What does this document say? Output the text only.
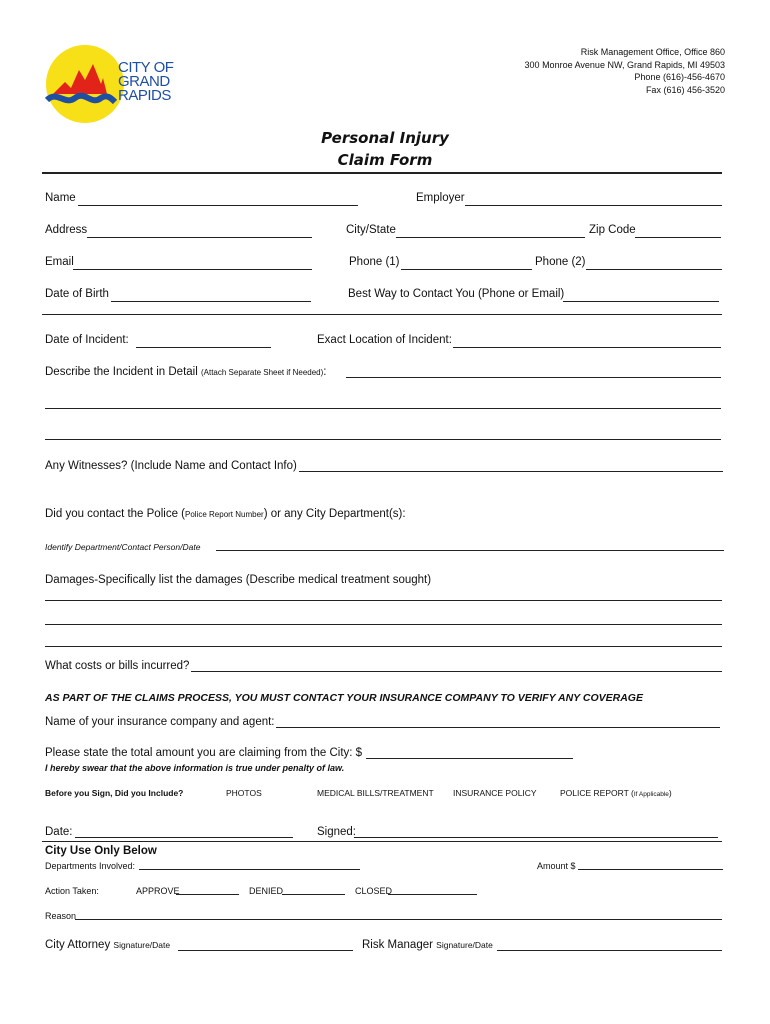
CITY OF
GRAND
RAPIDS
Risk Management Office, Office 860
300 Monroe Avenue NW, Grand Rapids, MI 49503
Phone (616)-456-4670
Fax (616) 456-3520
Personal Injury
Claim Form
Name	Employer
Address	City/State	Zip Code
Email	Phone (1)	Phone (2)
Date of Birth	Best Way to Contact You (Phone or Email)
Date of Incident:	Exact Location of Incident:
Describe the Incident in Detail (Attach Separate Sheet if Needed):
Any Witnesses? (Include Name and Contact Info)
Did you contact the Police (Police Report Number) or any City Department(s):
Identify Department/Contact Person/Date
Damages-Specifically list the damages (Describe medical treatment sought)
What costs or bills incurred?
AS PART OF THE CLAIMS PROCESS, YOU MUST CONTACT YOUR INSURANCE COMPANY TO VERIFY ANY COVERAGE
Name of your insurance company and agent:
Please state the total amount you are claiming from the City: $
I hereby swear that the above information is true under penalty of law.
Before you Sign, Did you Include?	PHOTOS	MEDICAL BILLS/TREATMENT INSURANCE POLICY	POLICE REPORT (If Applicable)
Date:	Signed:
City Use Only Below
Departments Involved:	Amount $
Action Taken:	APPROVE	DENIED	CLOSED
Reason
City Attorney Signature/Date	Risk Manager Signature/Date
